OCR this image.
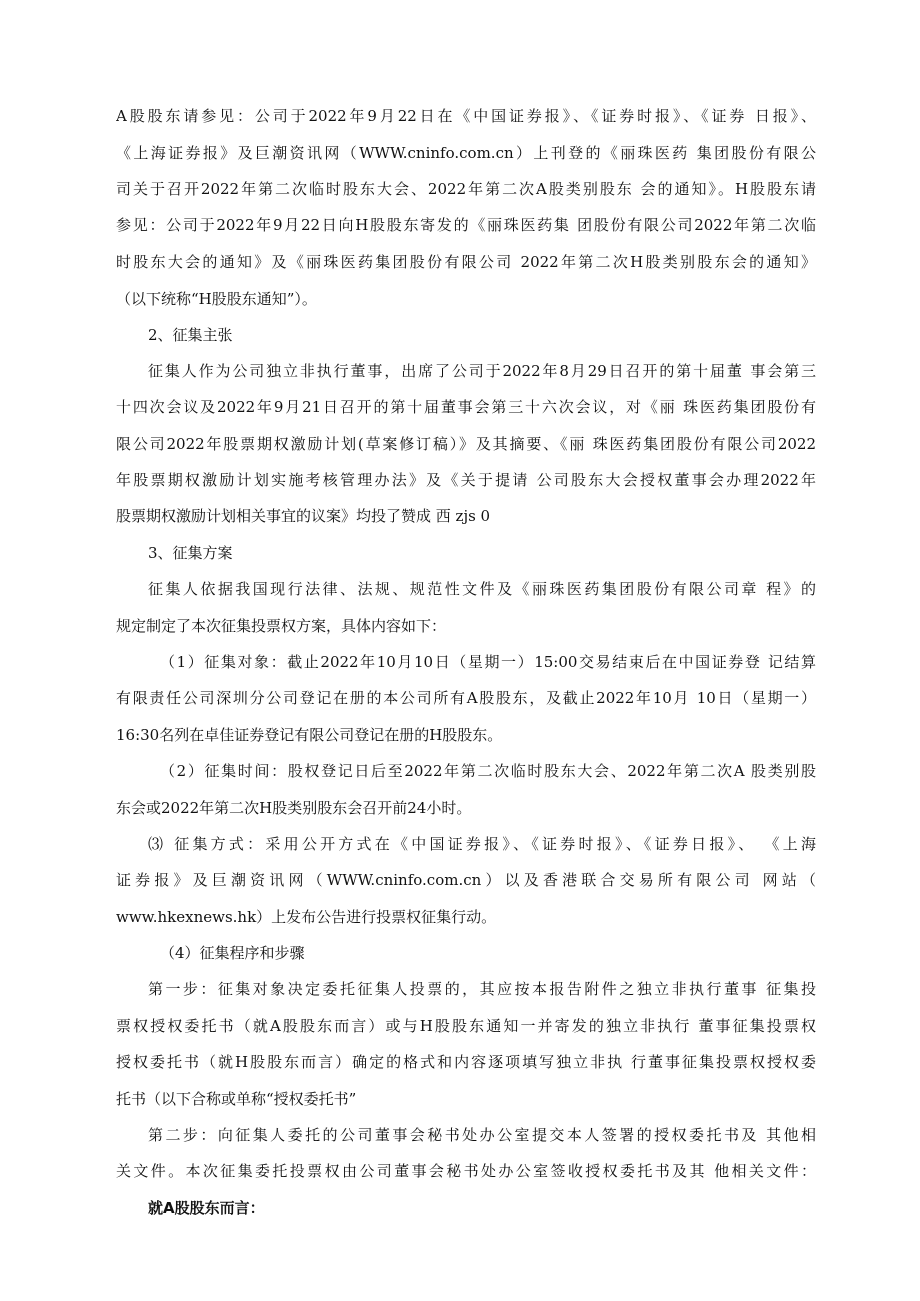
A股股东请参见：公司于2022年9月22日在《中国证券报》、《证券时报》、《证券 日报》、
《上海证券报》及巨潮资讯网（WWW.cninfo.com.cn）上刊登的《丽珠医药 集团股份有限公
司关于召开2022年第二次临时股东大会、2022年第二次A股类别股东 会的通知》。H股股东请
参见：公司于2022年9月22日向H股股东寄发的《丽珠医药集 团股份有限公司2022年第二次临
时股东大会的通知》及《丽珠医药集团股份有限公司 2022年第二次H股类别股东会的通知》
（以下统称“H股股东通知”）。
2、征集主张
征集人作为公司独立非执行董事，出席了公司于2022年8月29日召开的第十届董 事会第三
十四次会议及2022年9月21日召开的第十届董事会第三十六次会议，对《丽 珠医药集团股份有
限公司2022年股票期权激励计划(草案修订稿）》及其摘要、《丽 珠医药集团股份有限公司2022
年股票期权激励计划实施考核管理办法》及《关于提请 公司股东大会授权董事会办理2022年
股票期权激励计划相关事宜的议案》均投了赞成 西 zjs 0
3、征集方案
征集人依据我国现行法律、法规、规范性文件及《丽珠医药集团股份有限公司章 程》的
规定制定了本次征集投票权方案，具体内容如下：
（1）征集对象：截止2022年10月10日（星期一）15:00交易结束后在中国证券登 记结算
有限责任公司深圳分公司登记在册的本公司所有A股股东，及截止2022年10月 10日（星期一）
16:30名列在卓佳证券登记有限公司登记在册的H股股东。
（2）征集时间：股权登记日后至2022年第二次临时股东大会、2022年第二次A 股类别股
东会或2022年第二次H股类别股东会召开前24小时。
⑶ 征集方式：采用公开方式在《中国证券报》、《证券时报》、《证券日报》、 《上海
证券报》及巨潮资讯网（WWW.cninfo.com.cn）以及香港联合交易所有限公司 网站（
www.hkexnews.hk）上发布公告进行投票权征集行动。
（4）征集程序和步骤
第一步：征集对象决定委托征集人投票的，其应按本报告附件之独立非执行董事 征集投
票权授权委托书（就A股股东而言）或与H股股东通知一并寄发的独立非执行 董事征集投票权
授权委托书（就H股股东而言）确定的格式和内容逐项填写独立非执 行董事征集投票权授权委
托书（以下合称或单称“授权委托书”
第二步：向征集人委托的公司董事会秘书处办公室提交本人签署的授权委托书及 其他相
关文件。本次征集委托投票权由公司董事会秘书处办公室签收授权委托书及其 他相关文件：
就A股股东而言：
